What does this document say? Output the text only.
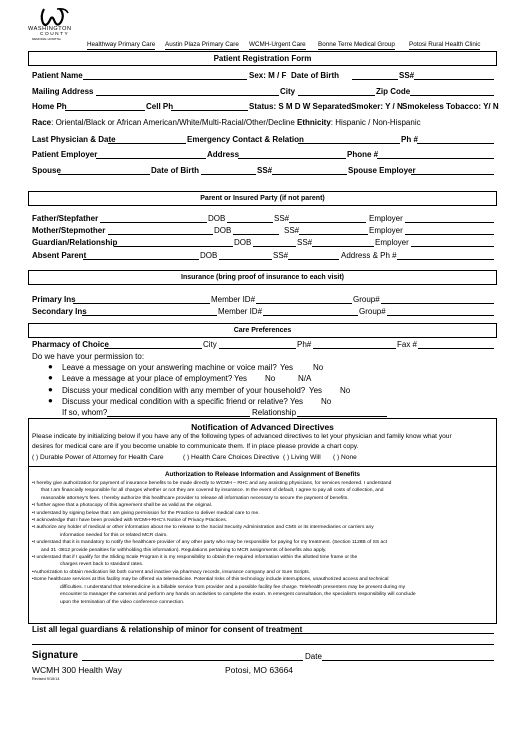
WASHINGTON
COUNTY
MEMORIAL HOSPITAL
Healthway Primary Care Austin Plaza Primary Care WCMH-Urgent Care Bonne Terre Medical Group Potosi Rural Health Clinic
Patient Registration Form
Patient Name	Sex: M / F Date of Birth	SS#
Mailing Address	City	Zip Code
Home Ph	Cell Ph	Status: S M D W Separated Smoker: Y / N Smokeless Tobacco: Y/ N
Race: Oriental/Black or African American/White/Multi-Racial/Other/Decline Ethnicity: Hispanic / Non-Hispanic
Last Physician & Date	Emergency Contact & Relation	Ph #
Patient Employer	Address	Phone #
Spouse	Date of Birth	SS#	Spouse Employer
Parent or Insured Party (if not parent)
Father/Stepfather	DOB	SS#	Employer
Mother/Stepmother	DOB	SS#	Employer
Guardian/Relationship	DOB	SS#	Employer
Absent Parent	DOB	SS#	Address & Ph #
Insurance (bring proof of insurance to each visit)
Primary Ins	Member ID#	Group#
Secondary Ins	Member ID#	Group#
Care Preferences
Pharmacy of Choice	City	Ph#	Fax #
Do we have your permission to:
● Leave a message on your answering machine or voice mail? Yes No
● Leave a message at your place of employment? Yes No	N/A
● Discuss your medical condition with any member of your household? Yes No
● Discuss your medical condition with a specific friend or relative? Yes No
If so, whom?	Relationship
Notification of Advanced Directives
Please indicate by initializing below if you have any of the following types of advanced directives to let your physician and family know what your
desires for medical care are if you become unable to communicate them. If in place please provide a chart copy.
( ) Durable Power of Attorney for Health Care	( ) Health Care Choices Directive ( ) Living Will ( ) None
Authorization to Release Information and Assignment of Benefits
•I hereby give authorization for payment of insurance benefits to be made directly to WCMH – RHC and any assisting physicians, for services rendered. I understand
that I am financially responsible for all charges whether or not they are covered by insurance. In the event of default, I agree to pay all costs of collection, and
reasonable attorney’s fees. I hereby authorize this healthcare provider to release all information necessary to secure the payment of benefits.
•I further agree that a photocopy of this agreement shall be as valid as the original.
•I understand by signing below that I am giving permission for the Practice to deliver medical care to me.
•I acknowledge that I have been provided with WCMH-RHC’s Notice of Privacy Practices.
•I authorize any holder of medical or other information about me to release to the Social Security Administration and CMS or its intermediaries or carriers any
information needed for this or related MCR claim.
•I understand that it is mandatory to notify the healthcare provider of any other party who may be responsible for paying for my treatment. (Section 1128B of SS act
and 31 -3812 provide penalties for withholding this information). Regulations pertaining to MCR assignments of benefits also apply.
•I understand that if I qualify for the Sliding Scale Program it is my responsibility to obtain the required information within the allotted time frame or the
charges revert back to standard rates.
•Authorization to obtain medication list both current and inactive via pharmacy records, insurance company and or Sure Scripts.
•Some healthcare services at this facility may be offered via telemedicine. Potential risks of this technology include interruptions, unauthorized access and technical
difficulties. I understand that telemedicine is a billable service from provider and a possible facility fee charge. Telehealth presenters may be present during my
encounter to manager the cameras and perform any hands on activities to complete the exam. In emergent consultation, the specialist’s responsibility will conclude
upon the termination of the video conference connection.
List all legal guardians & relationship of minor for consent of treatment
Signature	Date
WCMH 300 Health Way	Potosi, MO 63664
Revised 9/15/14
